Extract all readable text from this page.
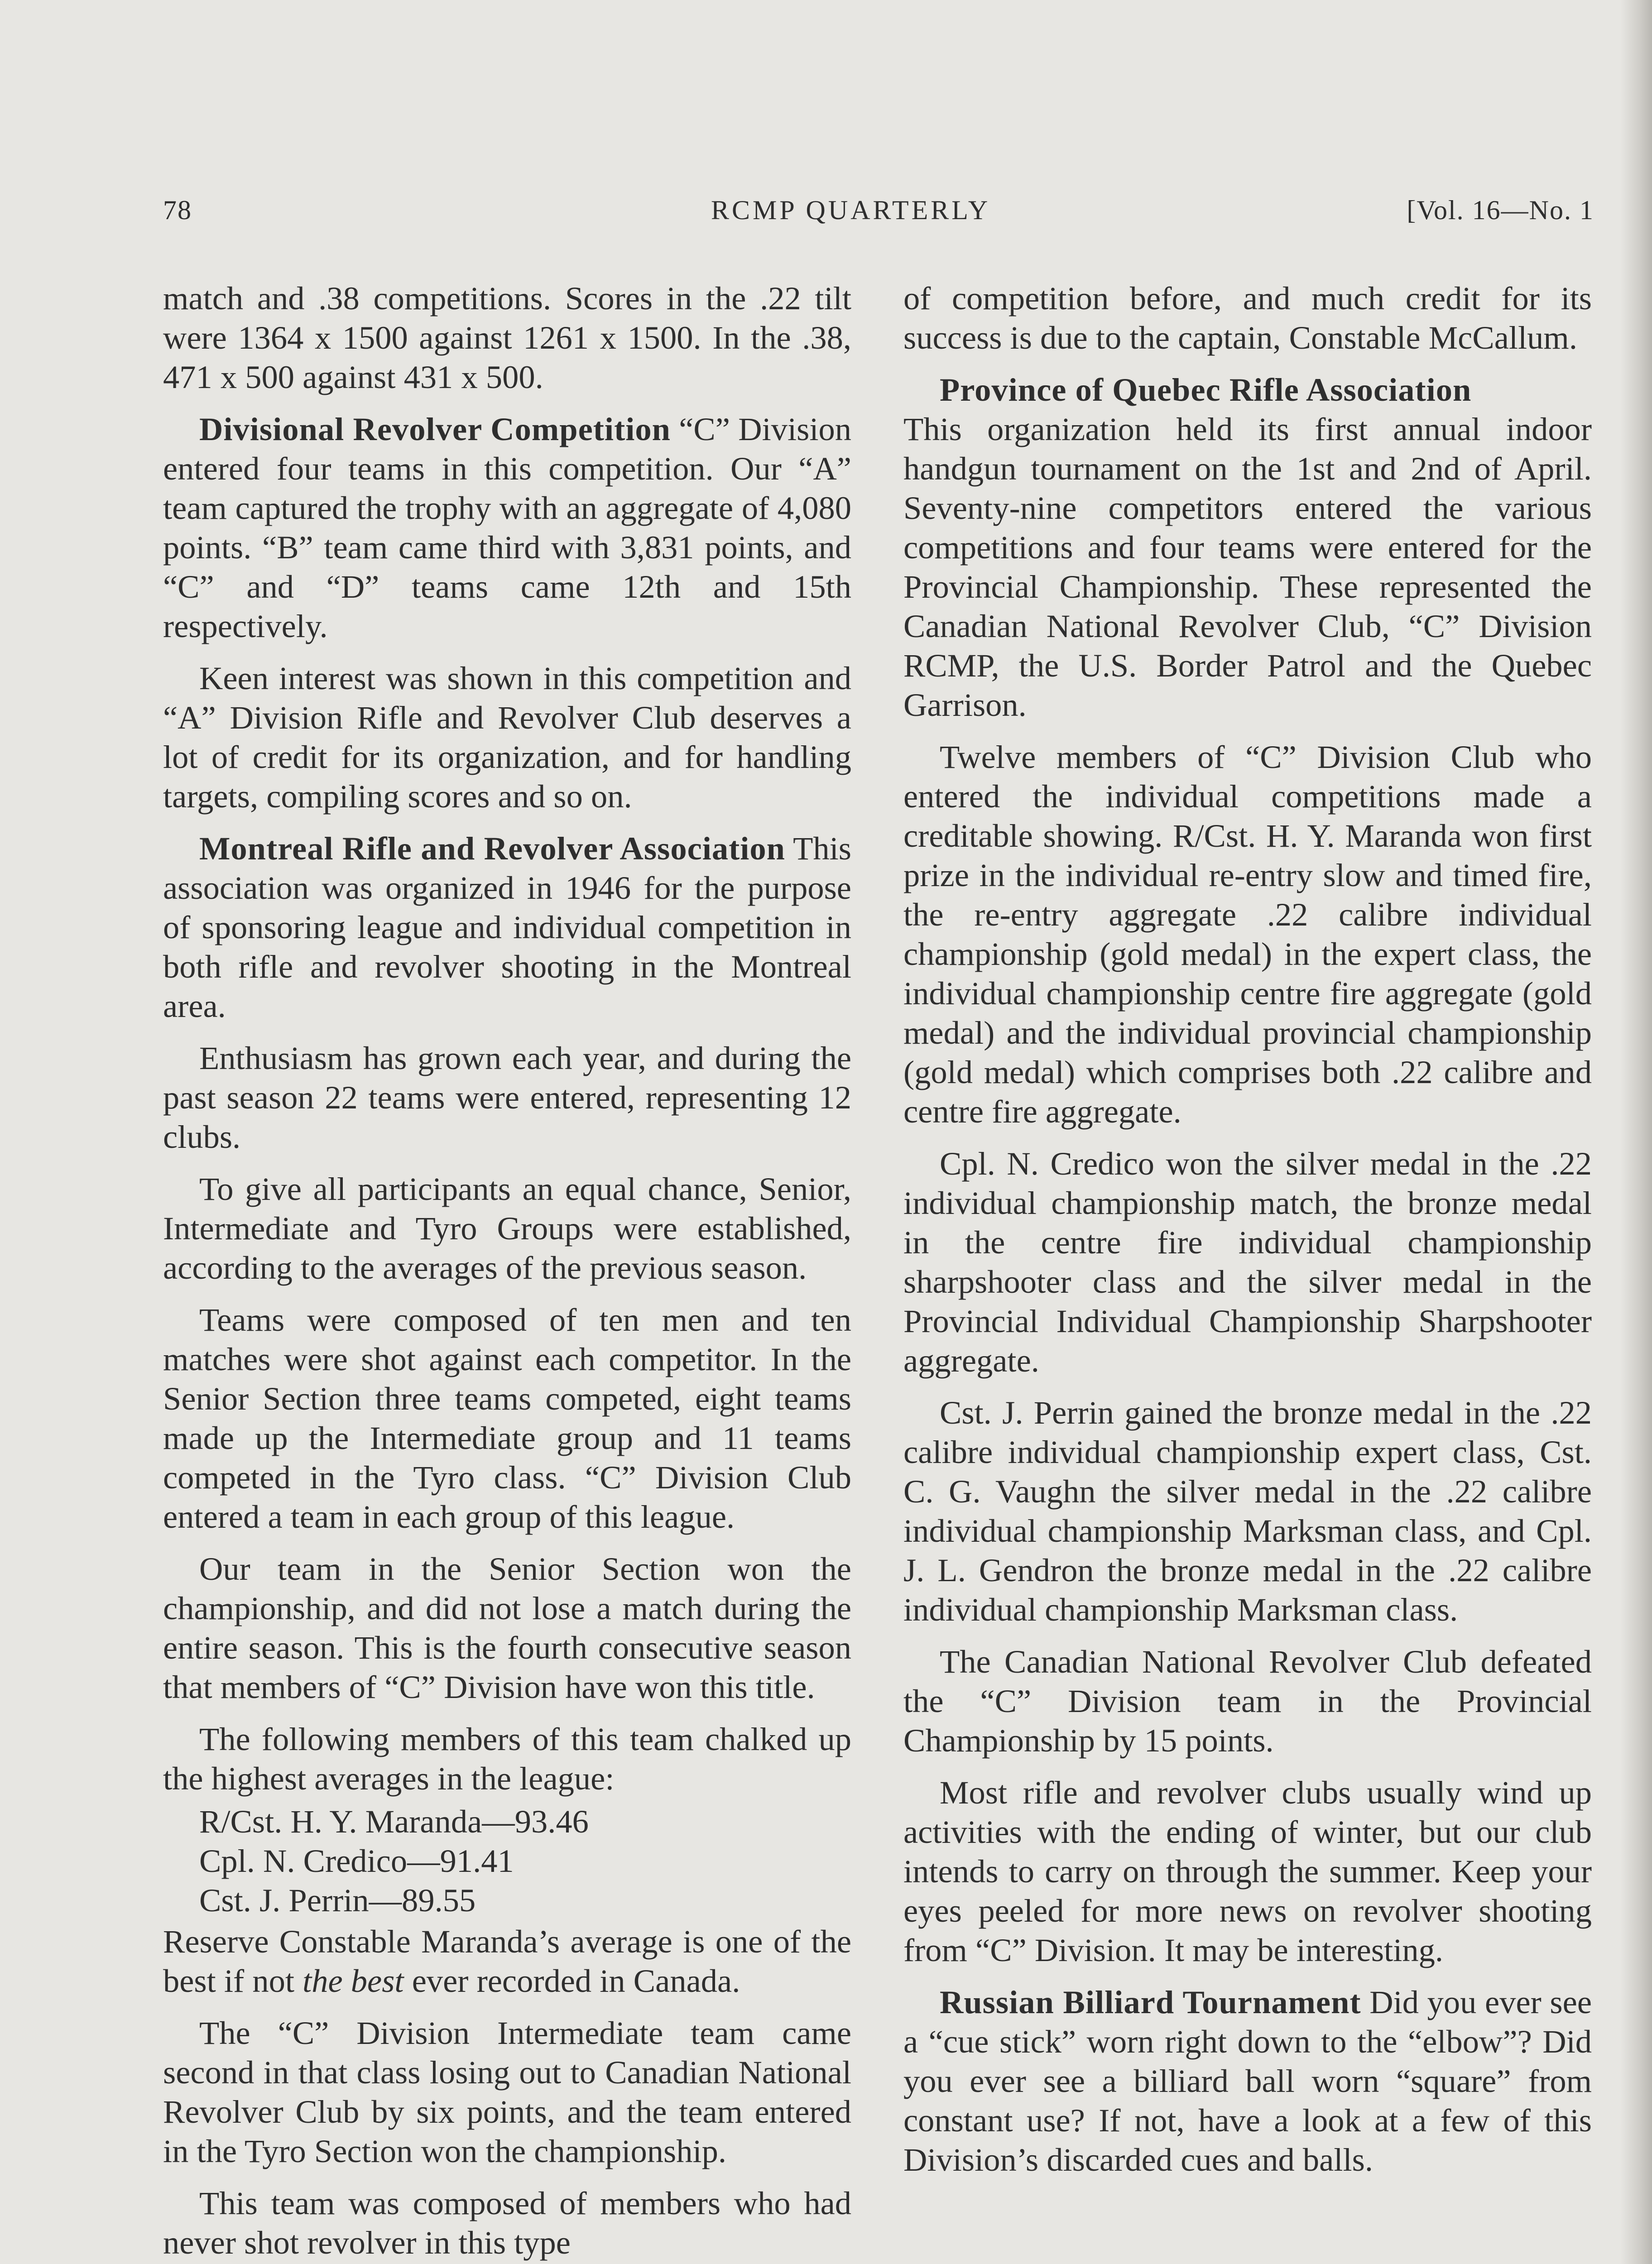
78	RCMP QUARTERLY	[Vol. 16—No. 1

match and .38 competitions. Scores in the .22 tilt were 1364 x 1500 against 1261 x 1500. In the .38, 471 x 500 against 431 x 500.

Divisional Revolver Competition “C” Division entered four teams in this competition. Our “A” team captured the trophy with an aggregate of 4,080 points. “B” team came third with 3,831 points, and “C” and “D” teams came 12th and 15th respectively.

Keen interest was shown in this competition and “A” Division Rifle and Revolver Club deserves a lot of credit for its organization, and for handling targets, compiling scores and so on.

Montreal Rifle and Revolver Association This association was organized in 1946 for the purpose of sponsoring league and individual competition in both rifle and revolver shooting in the Montreal area.

Enthusiasm has grown each year, and during the past season 22 teams were entered, representing 12 clubs.

To give all participants an equal chance, Senior, Intermediate and Tyro Groups were established, according to the averages of the previous season.

Teams were composed of ten men and ten matches were shot against each competitor. In the Senior Section three teams competed, eight teams made up the Intermediate group and 11 teams competed in the Tyro class. “C” Division Club entered a team in each group of this league.

Our team in the Senior Section won the championship, and did not lose a match during the entire season. This is the fourth consecutive season that members of “C” Division have won this title.

The following members of this team chalked up the highest averages in the league:

R/Cst. H. Y. Maranda—93.46
Cpl. N. Credico—91.41
Cst. J. Perrin—89.55

Reserve Constable Maranda’s average is one of the best if not the best ever recorded in Canada.

The “C” Division Intermediate team came second in that class losing out to Canadian National Revolver Club by six points, and the team entered in the Tyro Section won the championship.

This team was composed of members who had never shot revolver in this type

of competition before, and much credit for its success is due to the captain, Constable McCallum.

Province of Quebec Rifle Association
This organization held its first annual indoor handgun tournament on the 1st and 2nd of April. Seventy-nine competitors entered the various competitions and four teams were entered for the Provincial Championship. These represented the Canadian National Revolver Club, “C” Division RCMP, the U.S. Border Patrol and the Quebec Garrison.

Twelve members of “C” Division Club who entered the individual competitions made a creditable showing. R/Cst. H. Y. Maranda won first prize in the individual re-entry slow and timed fire, the re-entry aggregate .22 calibre individual championship (gold medal) in the expert class, the individual championship centre fire aggregate (gold medal) and the individual provincial championship (gold medal) which comprises both .22 calibre and centre fire aggregate.

Cpl. N. Credico won the silver medal in the .22 individual championship match, the bronze medal in the centre fire individual championship sharpshooter class and the silver medal in the Provincial Individual Championship Sharpshooter aggregate.

Cst. J. Perrin gained the bronze medal in the .22 calibre individual championship expert class, Cst. C. G. Vaughn the silver medal in the .22 calibre individual championship Marksman class, and Cpl. J. L. Gendron the bronze medal in the .22 calibre individual championship Marksman class.

The Canadian National Revolver Club defeated the “C” Division team in the Provincial Championship by 15 points.

Most rifle and revolver clubs usually wind up activities with the ending of winter, but our club intends to carry on through the summer. Keep your eyes peeled for more news on revolver shooting from “C” Division. It may be interesting.

Russian Billiard Tournament Did you ever see a “cue stick” worn right down to the “elbow”? Did you ever see a billiard ball worn “square” from constant use? If not, have a look at a few of this Division’s discarded cues and balls.
